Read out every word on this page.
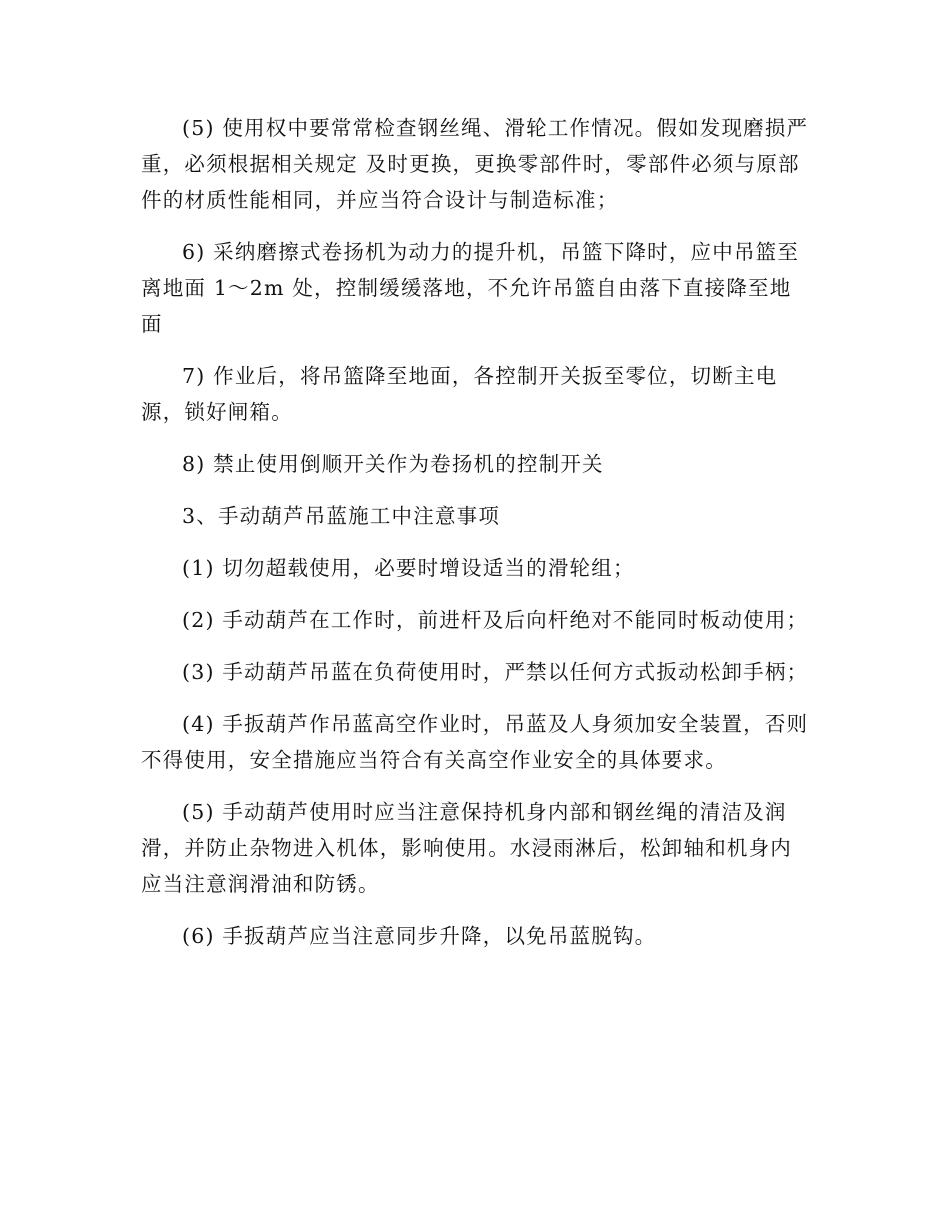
(5) 使用权中要常常检查钢丝绳、滑轮工作情况。假如发现磨损严重，必须根据相关规定 及时更换，更换零部件时，零部件必须与原部件的材质性能相同，并应当符合设计与制造标准；

6) 采纳磨擦式卷扬机为动力的提升机，吊篮下降时，应中吊篮至离地面 1～2m 处，控制缓缓落地，不允许吊篮自由落下直接降至地面

7) 作业后，将吊篮降至地面，各控制开关扳至零位，切断主电源，锁好闸箱。

8) 禁止使用倒顺开关作为卷扬机的控制开关

3、手动葫芦吊蓝施工中注意事项

(1) 切勿超载使用，必要时增设适当的滑轮组；

(2) 手动葫芦在工作时，前进杆及后向杆绝对不能同时板动使用；

(3) 手动葫芦吊蓝在负荷使用时，严禁以任何方式扳动松卸手柄；

(4) 手扳葫芦作吊蓝高空作业时，吊蓝及人身须加安全装置，否则不得使用，安全措施应当符合有关高空作业安全的具体要求。

(5) 手动葫芦使用时应当注意保持机身内部和钢丝绳的清洁及润滑，并防止杂物进入机体，影响使用。水浸雨淋后，松卸轴和机身内应当注意润滑油和防锈。

(6) 手扳葫芦应当注意同步升降，以免吊蓝脱钩。
